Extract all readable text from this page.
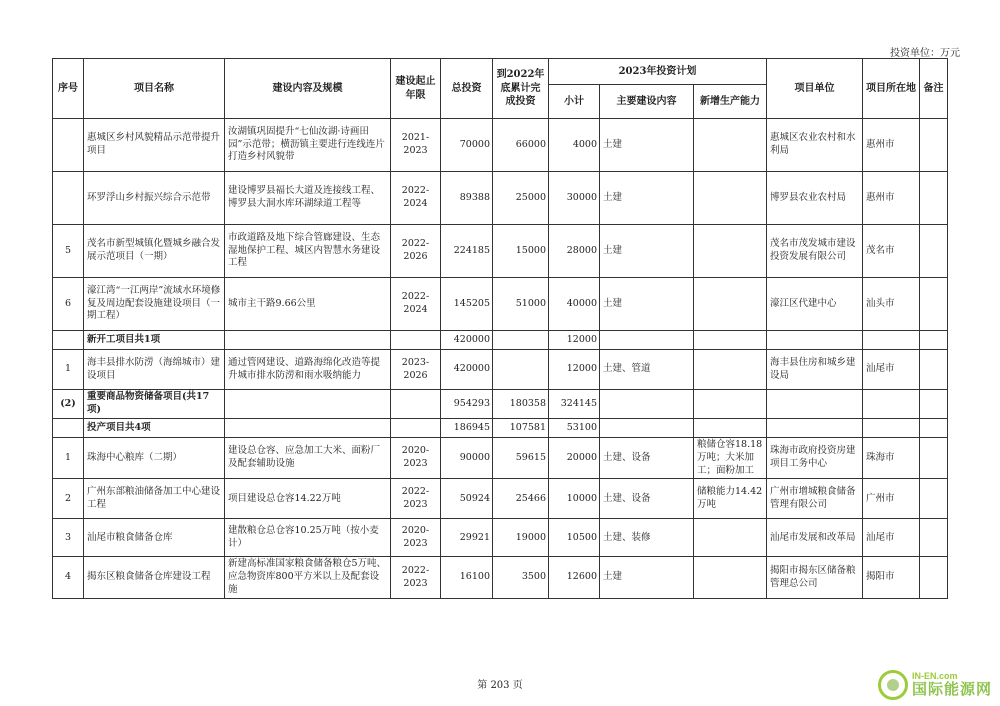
投资单位：万元
序号	项目名称	建设内容及规模	建设起止年限	总投资	到2022年底累计完成投资	2023年投资计划			项目单位	项目所在地	备注
						小计	主要建设内容	新增生产能力			
	惠城区乡村风貌精品示范带提升项目	汝湖镇巩固提升“七仙汝湖·诗画田园”示范带；横沥镇主要进行连线连片打造乡村风貌带	2021-2023	70000	66000	4000	土建		惠城区农业农村和水利局	惠州市	
	环罗浮山乡村振兴综合示范带	建设博罗县福长大道及连接线工程、博罗县大洞水库环湖绿道工程等	2022-2024	89388	25000	30000	土建		博罗县农业农村局	惠州市	
5	茂名市新型城镇化暨城乡融合发展示范项目（一期）	市政道路及地下综合管廊建设、生态湿地保护工程、城区内智慧水务建设工程	2022-2026	224185	15000	28000	土建		茂名市茂发城市建设投资发展有限公司	茂名市	
6	濠江湾“一江两岸”流域水环境修复及周边配套设施建设项目（一期工程）	城市主干路9.66公里	2022-2024	145205	51000	40000	土建		濠江区代建中心	汕头市	
	新开工项目共1项			420000		12000					
1	海丰县排水防涝（海绵城市）建设项目	通过管网建设、道路海绵化改造等提升城市排水防涝和雨水吸纳能力	2023-2026	420000		12000	土建、管道		海丰县住房和城乡建设局	汕尾市	
(2)	重要商品物资储备项目(共17项)			954293	180358	324145					
	投产项目共4项			186945	107581	53100					
1	珠海中心粮库（二期）	建设总仓容、应急加工大米、面粉厂及配套辅助设施	2020-2023	90000	59615	20000	土建、设备	粮储仓容18.18万吨；大米加工；面粉加工	珠海市政府投资房建项目工务中心	珠海市	
2	广州东部粮油储备加工中心建设工程	项目建设总仓容14.22万吨	2022-2023	50924	25466	10000	土建、设备	储粮能力14.42万吨	广州市增城粮食储备管理有限公司	广州市	
3	汕尾市粮食储备仓库	建散粮仓总仓容10.25万吨（按小麦计）	2020-2023	29921	19000	10500	土建、装修		汕尾市发展和改革局	汕尾市	
4	揭东区粮食储备仓库建设工程	新建高标准国家粮食储备粮仓5万吨、应急物资库800平方米以上及配套设施	2022-2023	16100	3500	12600	土建		揭阳市揭东区储备粮管理总公司	揭阳市	
第 203 页
IN-EN.com
国际能源网
